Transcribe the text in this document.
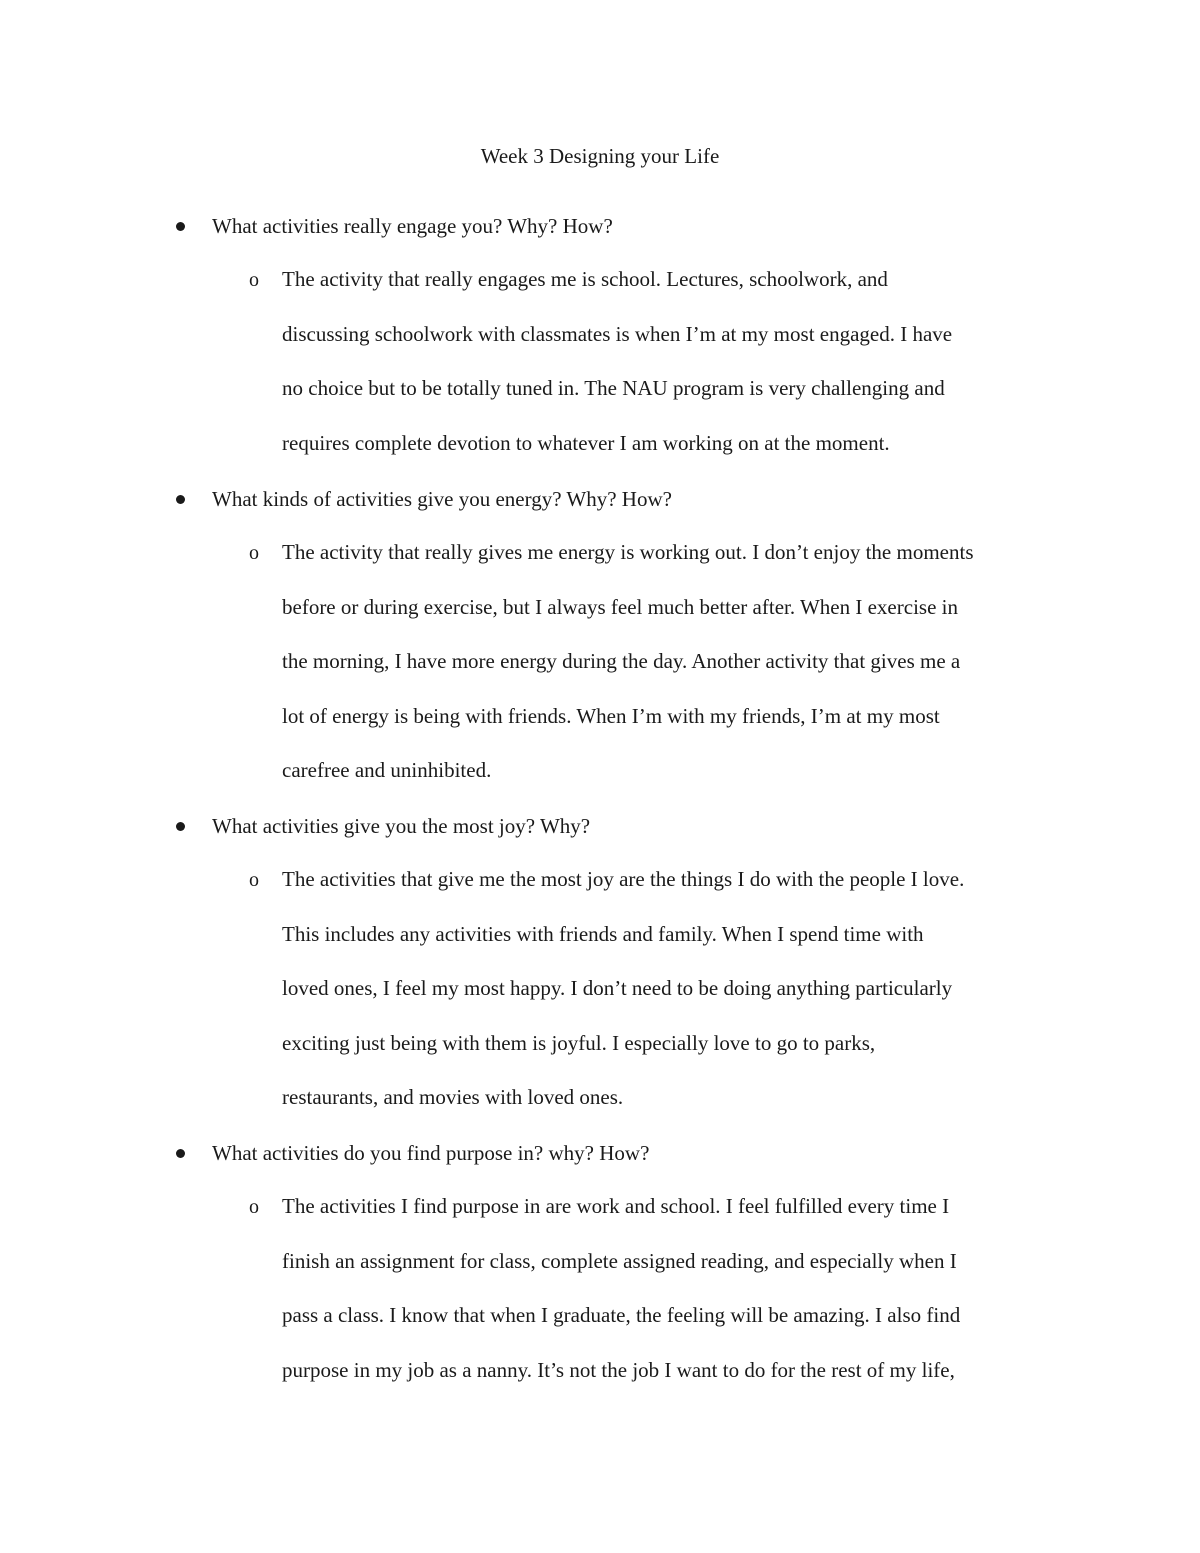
Week 3 Designing your Life
What activities really engage you? Why? How?
o The activity that really engages me is school. Lectures, schoolwork, and
discussing schoolwork with classmates is when I’m at my most engaged. I have
no choice but to be totally tuned in. The NAU program is very challenging and
requires complete devotion to whatever I am working on at the moment.
What kinds of activities give you energy? Why? How?
o The activity that really gives me energy is working out. I don’t enjoy the moments
before or during exercise, but I always feel much better after. When I exercise in
the morning, I have more energy during the day. Another activity that gives me a
lot of energy is being with friends. When I’m with my friends, I’m at my most
carefree and uninhibited.
What activities give you the most joy? Why?
o The activities that give me the most joy are the things I do with the people I love.
This includes any activities with friends and family. When I spend time with
loved ones, I feel my most happy. I don’t need to be doing anything particularly
exciting just being with them is joyful. I especially love to go to parks,
restaurants, and movies with loved ones.
What activities do you find purpose in? why? How?
o The activities I find purpose in are work and school. I feel fulfilled every time I
finish an assignment for class, complete assigned reading, and especially when I
pass a class. I know that when I graduate, the feeling will be amazing. I also find
purpose in my job as a nanny. It’s not the job I want to do for the rest of my life,
